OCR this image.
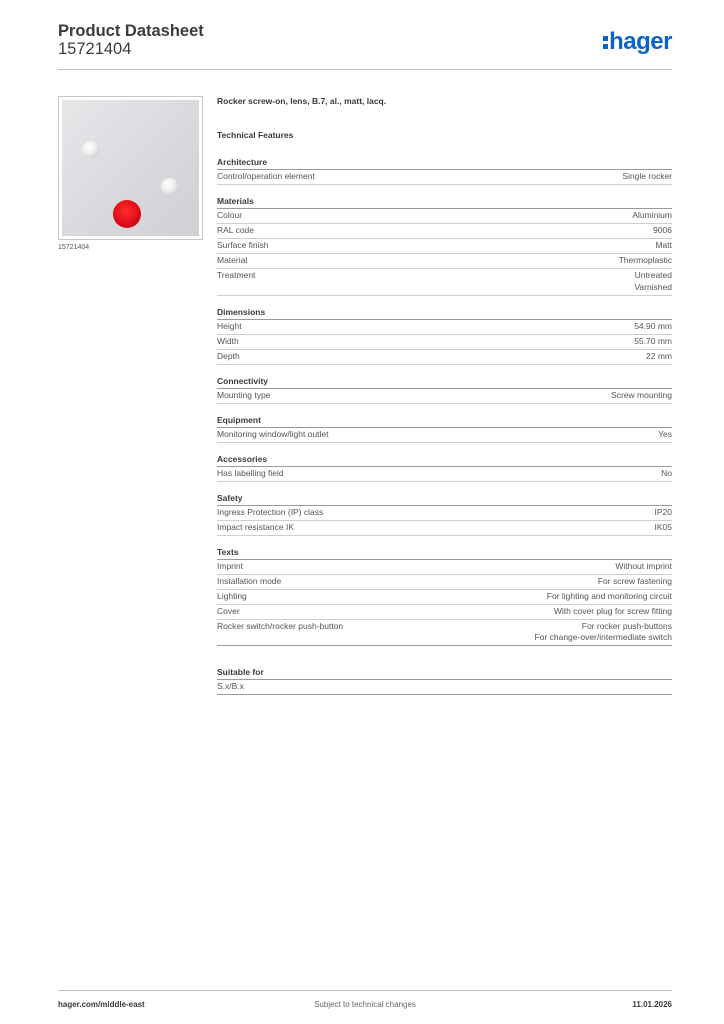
Product Datasheet
15721404	hager
15721404
Rocker screw-on, lens, B.7, al., matt, lacq.
Technical Features
Architecture
Control/operation element	Single rocker
Materials
Colour	Aluminium
RAL code	9006
Surface finish	Matt
Material	Thermoplastic
Treatment	Untreated
Varnished
Dimensions
Height	54.90 mm
Width	55.70 mm
Depth	22 mm
Connectivity
Mounting type	Screw mounting
Equipment
Monitoring window/light outlet	Yes
Accessories
Has labelling field	No
Safety
Ingress Protection (IP) class	IP20
Impact resistance IK	IK05
Texts
Imprint	Without imprint
Installation mode	For screw fastening
Lighting	For lighting and monitoring circuit
Cover	With cover plug for screw fitting
Rocker switch/rocker push-button	For rocker push-buttons
For change-over/intermediate switch
Suitable for
S.x/B.x
hager.com/middle-east	Subject to technical changes	11.01.2026
